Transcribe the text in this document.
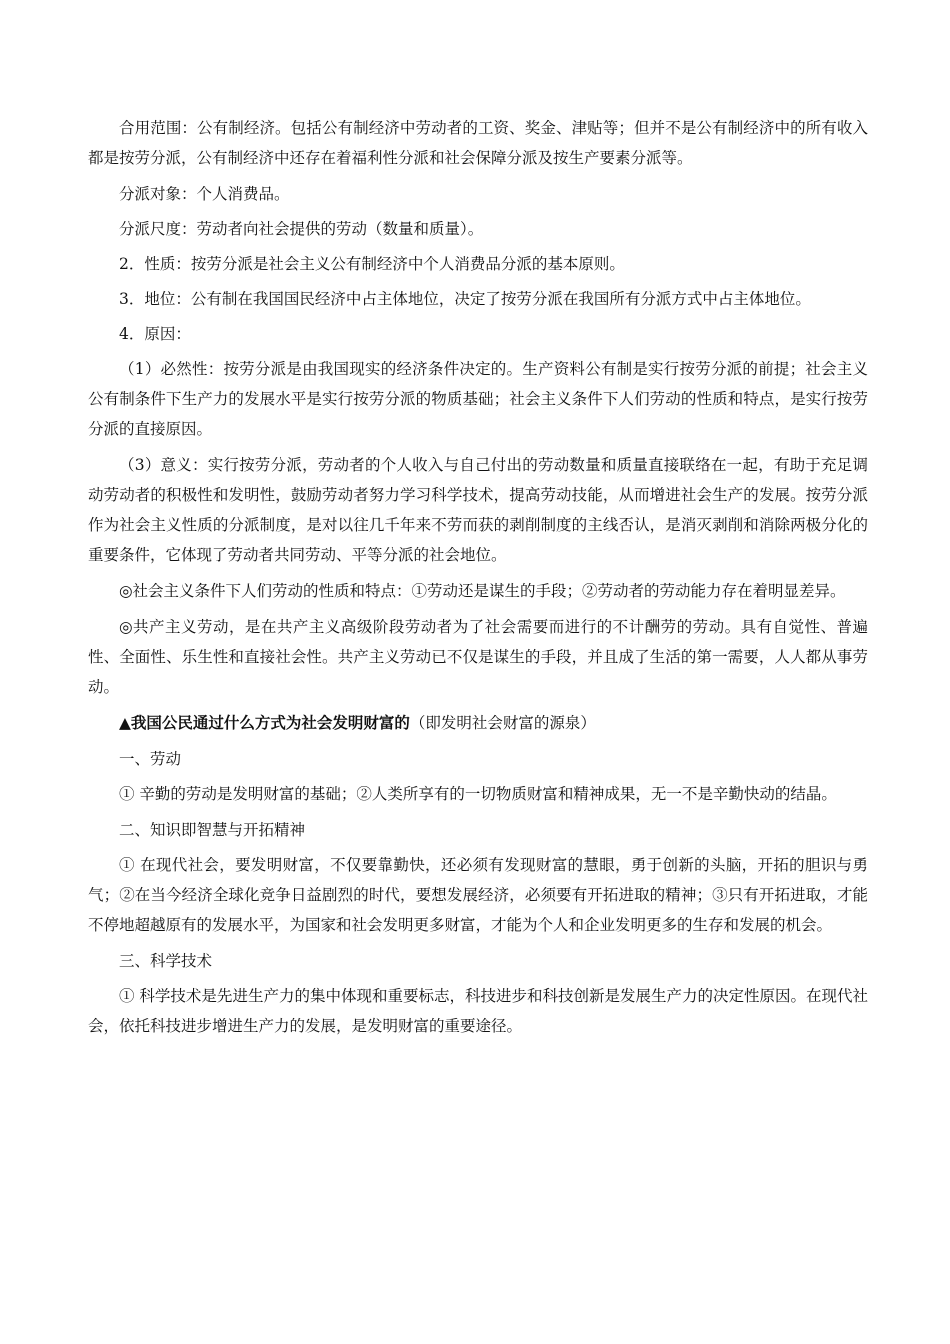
合用范围：公有制经济。包括公有制经济中劳动者的工资、奖金、津贴等；但并不是公有制经济中的所有收入都是按劳分派，公有制经济中还存在着福利性分派和社会保障分派及按生产要素分派等。

分派对象：个人消费品。

分派尺度：劳动者向社会提供的劳动（数量和质量）。

2．性质：按劳分派是社会主义公有制经济中个人消费品分派的基本原则。

3．地位：公有制在我国国民经济中占主体地位，决定了按劳分派在我国所有分派方式中占主体地位。

4．原因：

（1）必然性：按劳分派是由我国现实的经济条件决定的。生产资料公有制是实行按劳分派的前提；社会主义公有制条件下生产力的发展水平是实行按劳分派的物质基础；社会主义条件下人们劳动的性质和特点，是实行按劳分派的直接原因。

（3）意义：实行按劳分派，劳动者的个人收入与自己付出的劳动数量和质量直接联络在一起，有助于充足调动劳动者的积极性和发明性，鼓励劳动者努力学习科学技术，提高劳动技能，从而增进社会生产的发展。按劳分派作为社会主义性质的分派制度，是对以往几千年来不劳而获的剥削制度的主线否认，是消灭剥削和消除两极分化的重要条件，它体现了劳动者共同劳动、平等分派的社会地位。

◎社会主义条件下人们劳动的性质和特点：①劳动还是谋生的手段；②劳动者的劳动能力存在着明显差异。

◎共产主义劳动，是在共产主义高级阶段劳动者为了社会需要而进行的不计酬劳的劳动。具有自觉性、普遍性、全面性、乐生性和直接社会性。共产主义劳动已不仅是谋生的手段，并且成了生活的第一需要，人人都从事劳动。

▲我国公民通过什么方式为社会发明财富的（即发明社会财富的源泉）

一、劳动

① 辛勤的劳动是发明财富的基础；②人类所享有的一切物质财富和精神成果，无一不是辛勤快动的结晶。

二、知识即智慧与开拓精神

① 在现代社会，要发明财富，不仅要靠勤快，还必须有发现财富的慧眼，勇于创新的头脑，开拓的胆识与勇气；②在当今经济全球化竞争日益剧烈的时代，要想发展经济，必须要有开拓进取的精神；③只有开拓进取，才能不停地超越原有的发展水平，为国家和社会发明更多财富，才能为个人和企业发明更多的生存和发展的机会。

三、科学技术

① 科学技术是先进生产力的集中体现和重要标志，科技进步和科技创新是发展生产力的决定性原因。在现代社会，依托科技进步增进生产力的发展，是发明财富的重要途径。
